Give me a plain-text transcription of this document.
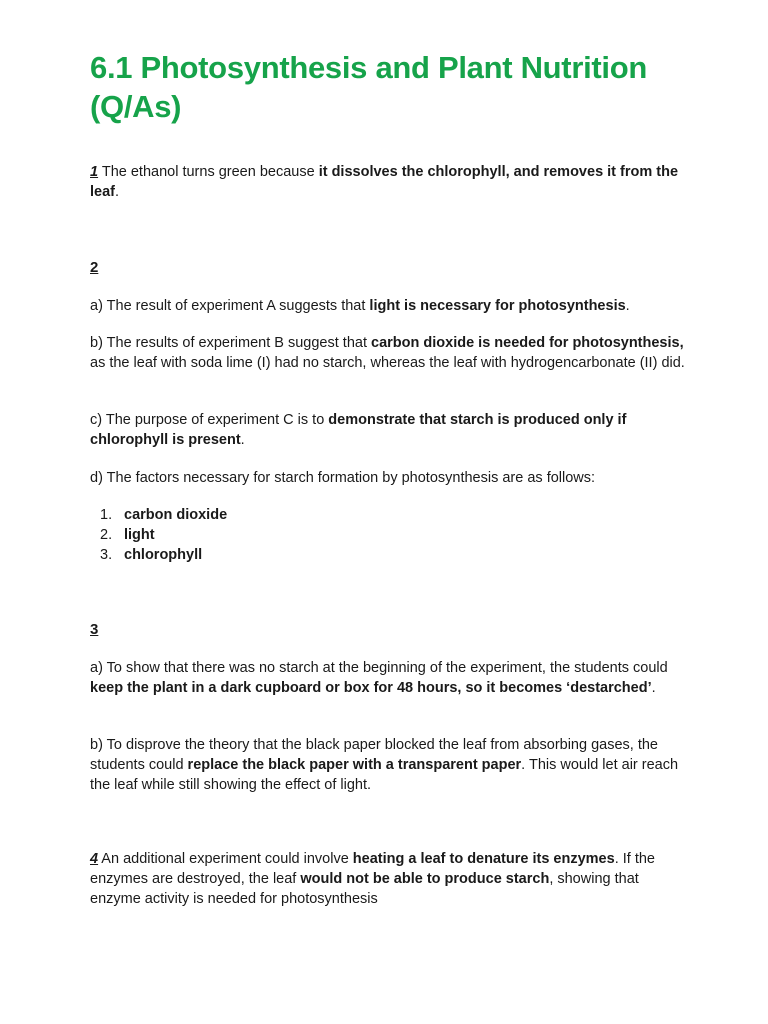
6.1 Photosynthesis and Plant Nutrition (Q/As)

1 The ethanol turns green because it dissolves the chlorophyll, and removes it from the leaf.

2

a) The result of experiment A suggests that light is necessary for photosynthesis.

b) The results of experiment B suggest that carbon dioxide is needed for photosynthesis, as the leaf with soda lime (I) had no starch, whereas the leaf with hydrogencarbonate (II) did.

c) The purpose of experiment C is to demonstrate that starch is produced only if chlorophyll is present.

d) The factors necessary for starch formation by photosynthesis are as follows:

1. carbon dioxide
2. light
3. chlorophyll

3

a) To show that there was no starch at the beginning of the experiment, the students could keep the plant in a dark cupboard or box for 48 hours, so it becomes ‘destarched’.

b) To disprove the theory that the black paper blocked the leaf from absorbing gases, the students could replace the black paper with a transparent paper. This would let air reach the leaf while still showing the effect of light.

4 An additional experiment could involve heating a leaf to denature its enzymes. If the enzymes are destroyed, the leaf would not be able to produce starch, showing that enzyme activity is needed for photosynthesis
